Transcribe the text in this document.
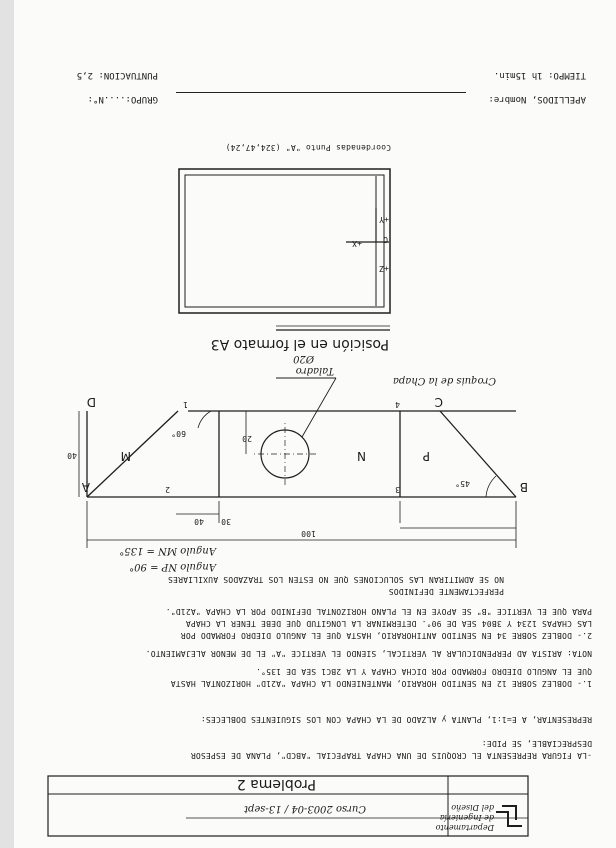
APELLIDOS, Nombre:
GRUPO:....N°:
TIEMPO: 1h 15min.
PUNTUACION: 2,5
Coordenadas Punto "A" (324,47,24)
A	B
C
D	1
2	3
4
M	N	P
20
40
40 30
100
60°
45°
Croquis de la Chapa
Taladro
Ø20
+X
+Y
+Z
O
Posición en el formato A3
Angulo MN = 135°
Angulo NP = 90°
NO SE ADMITIRAN LAS SOLUCIONES QUE NO ESTEN LOS TRAZADOS AUXILIARES
PERFECTAMENTE DEFINIDOS
PARA QUE EL VERTICE "B" SE APOYE EN EL PLANO HORIZONTAL DEFINIDO POR LA CHAPA "A21D".
LAS CHAPAS 1234 Y 3B04 SEA DE 90°. DETERMINAR LA LONGITUD QUE DEBE TENER LA CHAPA
2.- DOBLEZ SOBRE 34 EN SENTIDO ANTIHORARIO, HASTA QUE EL ANGULO DIEDRO FORMADO POR
NOTA: ARISTA AD PERPENDICULAR AL VERTICAL, SIENDO EL VERTICE "A" EL DE MENOR ALEJAMIENTO.
QUE EL ANGULO DIEDRO FORMADO POR DICHA CHAPA Y LA 2BC1 SEA DE 135°.
1.- DOBLEZ SOBRE 12 EN SENTIDO HORARIO, MANTENIENDO LA CHAPA "A21D" HORIZONTAL HASTA
REPRESENTAR, A E=1:1, PLANTA y ALZADO DE LA CHAPA CON LOS SIGUIENTES DOBLECES:
DESPRECIABLE, SE PIDE:
-LA FIGURA REPRESENTA EL CROQUIS DE UNA CHAPA TRAPECIAL "ABCD", PLANA DE ESPESOR
Problema 2
Curso 2003-04 / 13-sept
Departamento
de Ingeniería
del Diseño
